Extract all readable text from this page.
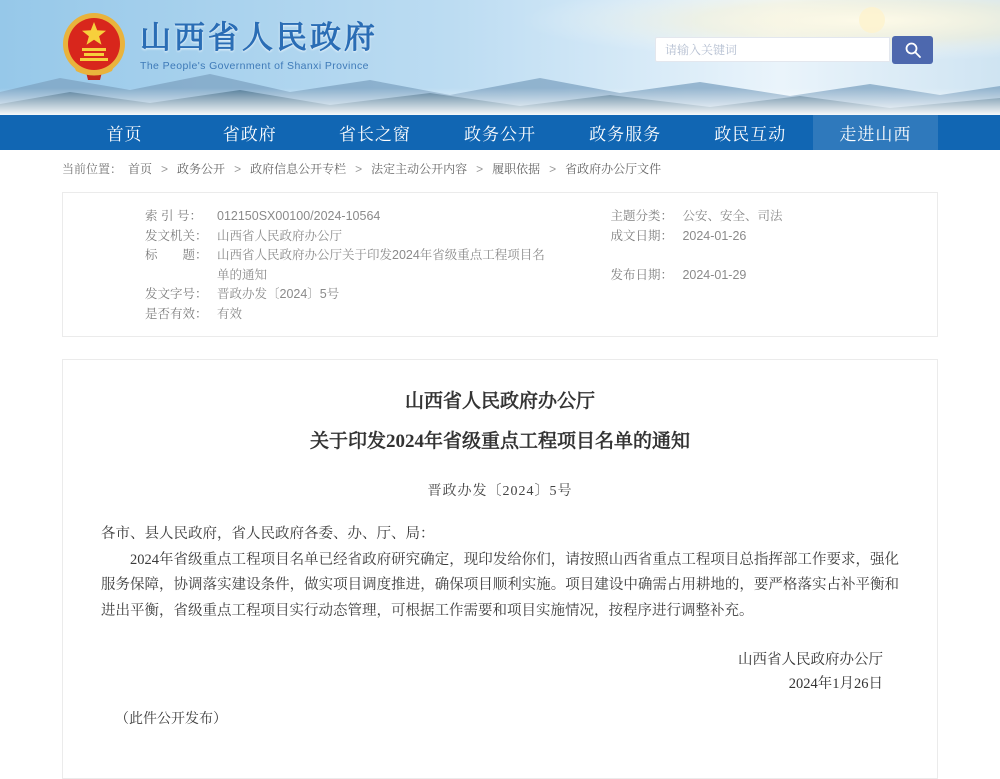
山西省人民政府
The People's Government of Shanxi Province
请输入关键词
首页	省政府	省长之窗	政务公开	政务服务	政民互动	走进山西
当前位置： 首页 > 政务公开 > 政府信息公开专栏 > 法定主动公开内容 > 履职依据 > 省政府办公厅文件
索 引 号：	012150SX00100/2024-10564
发文机关： 山西省人民政府办公厅
标　　题： 山西省人民政府办公厅关于印发2024年省级重点工程项目名单的通知
发文字号： 晋政办发〔2024〕5号
是否有效： 有效
主题分类： 公安、安全、司法
成文日期： 2024-01-26
发布日期： 2024-01-29
山西省人民政府办公厅
关于印发2024年省级重点工程项目名单的通知
晋政办发〔2024〕5号
各市、县人民政府，省人民政府各委、办、厅、局：

2024年省级重点工程项目名单已经省政府研究确定，现印发给你们，请按照山西省重点工程项目总指挥部工作要求，强化服务保障，协调落实建设条件，做实项目调度推进，确保项目顺利实施。项目建设中确需占用耕地的，要严格落实占补平衡和进出平衡，省级重点工程项目实行动态管理，可根据工作需要和项目实施情况，按程序进行调整补充。

山西省人民政府办公厅
2024年1月26日
（此件公开发布）
